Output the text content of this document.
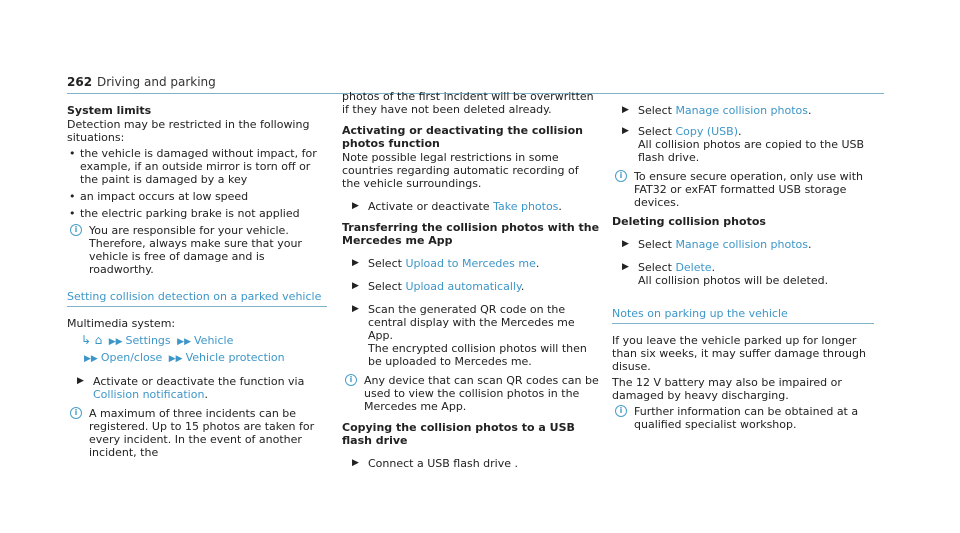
262 Driving and parking
System limits
Detection may be restricted in the following situations:
• the vehicle is damaged without impact, for example, if an outside mirror is torn off or the paint is damaged by a key
• an impact occurs at low speed
• the electric parking brake is not applied
i	You are responsible for your vehicle. Therefore, always make sure that your vehicle is free of damage and is roadworthy.
Setting collision detection on a parked vehicle
Multimedia system:
↳ ⌂ ▶▶ Settings ▶▶ Vehicle
▶▶ Open/close ▶▶ Vehicle protection
▶ Activate or deactivate the function via Collision notification.
i	A maximum of three incidents can be registered. Up to 15 photos are taken for every incident. In the event of another incident, the
photos of the first incident will be overwritten if they have not been deleted already.
Activating or deactivating the collision photos function
Note possible legal restrictions in some countries regarding automatic recording of the vehicle surroundings.
▶ Activate or deactivate Take photos.
Transferring the collision photos with the Mercedes me App
▶ Select Upload to Mercedes me.
▶ Select Upload automatically.
▶ Scan the generated QR code on the central display with the Mercedes me App.
The encrypted collision photos will then be uploaded to Mercedes me.
i	Any device that can scan QR codes can be used to view the collision photos in the Mercedes me App.
Copying the collision photos to a USB flash drive
▶ Connect a USB flash drive .
▶ Select Manage collision photos.
▶ Select Copy (USB).
All collision photos are copied to the USB flash drive.
i	To ensure secure operation, only use with FAT32 or exFAT formatted USB storage devices.
Deleting collision photos
▶ Select Manage collision photos.
▶ Select Delete.
All collision photos will be deleted.
Notes on parking up the vehicle
If you leave the vehicle parked up for longer than six weeks, it may suffer damage through disuse.
The 12 V battery may also be impaired or damaged by heavy discharging.
i	Further information can be obtained at a qualified specialist workshop.
